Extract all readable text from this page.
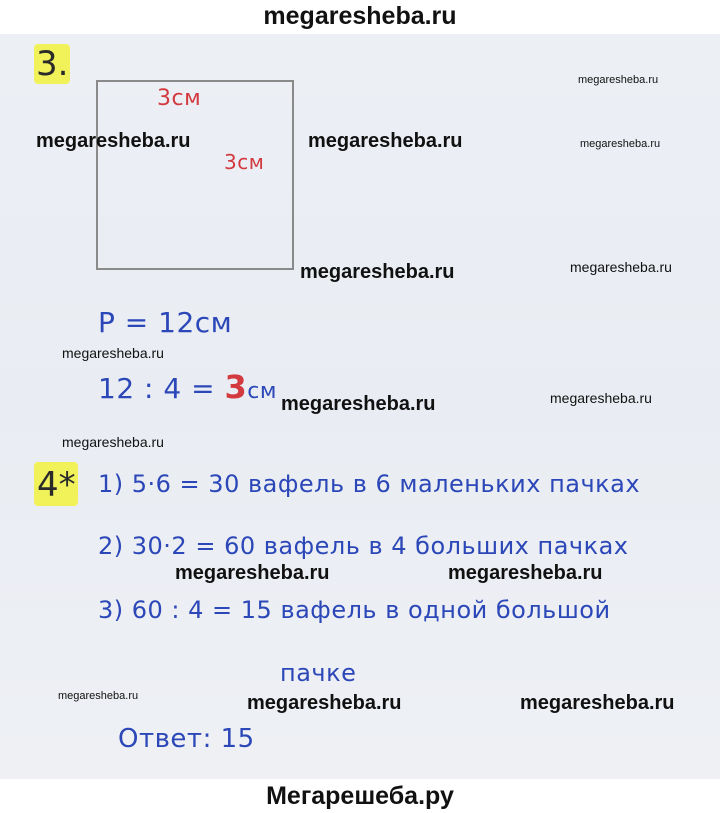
megaresheba.ru
3.
3см
3см
P = 12см
12 : 4 = 3см
4* 1) 5·6 = 30 вафель в 6 маленьких пачках
2) 30·2 = 60 вафель в 4 больших пачках
3) 60 : 4 = 15 вафель в одной большой
пачке
Ответ: 15
megaresheba.ru	megaresheba.ru
megaresheba.ru
megaresheba.ru
megaresheba.ru	megaresheba.ru
megaresheba.ru	megaresheba.ru
megaresheba.ru
megaresheba.ru
megaresheba.ru
megaresheba.ru
megaresheba.ru
megaresheba.ru
megaresheba.ru
Мегарешеба.ру
